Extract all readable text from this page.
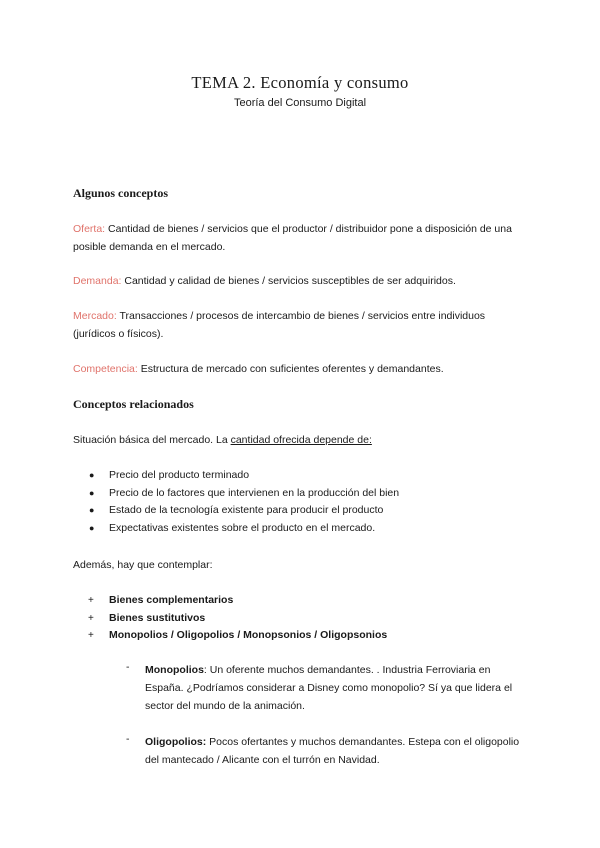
TEMA 2. Economía y consumo
Teoría del Consumo Digital
Algunos conceptos
Oferta: Cantidad de bienes / servicios que el productor / distribuidor pone a disposición de una posible demanda en el mercado.
Demanda: Cantidad y calidad de bienes / servicios susceptibles de ser adquiridos.
Mercado: Transacciones / procesos de intercambio de bienes / servicios entre individuos (jurídicos o físicos).
Competencia: Estructura de mercado con suficientes oferentes y demandantes.
Conceptos relacionados
Situación básica del mercado. La cantidad ofrecida depende de:
● Precio del producto terminado
● Precio de lo factores que intervienen en la producción del bien
● Estado de la tecnología existente para producir el producto
● Expectativas existentes sobre el producto en el mercado.
Además, hay que contemplar:
+ Bienes complementarios
+ Bienes sustitutivos
+ Monopolios / Oligopolios / Monopsonios / Oligopsonios
- Monopolios: Un oferente muchos demandantes. . Industria Ferroviaria en España. ¿Podríamos considerar a Disney como monopolio? Sí ya que lidera el sector del mundo de la animación.
- Oligopolios: Pocos ofertantes y muchos demandantes. Estepa con el oligopolio del mantecado / Alicante con el turrón en Navidad.
